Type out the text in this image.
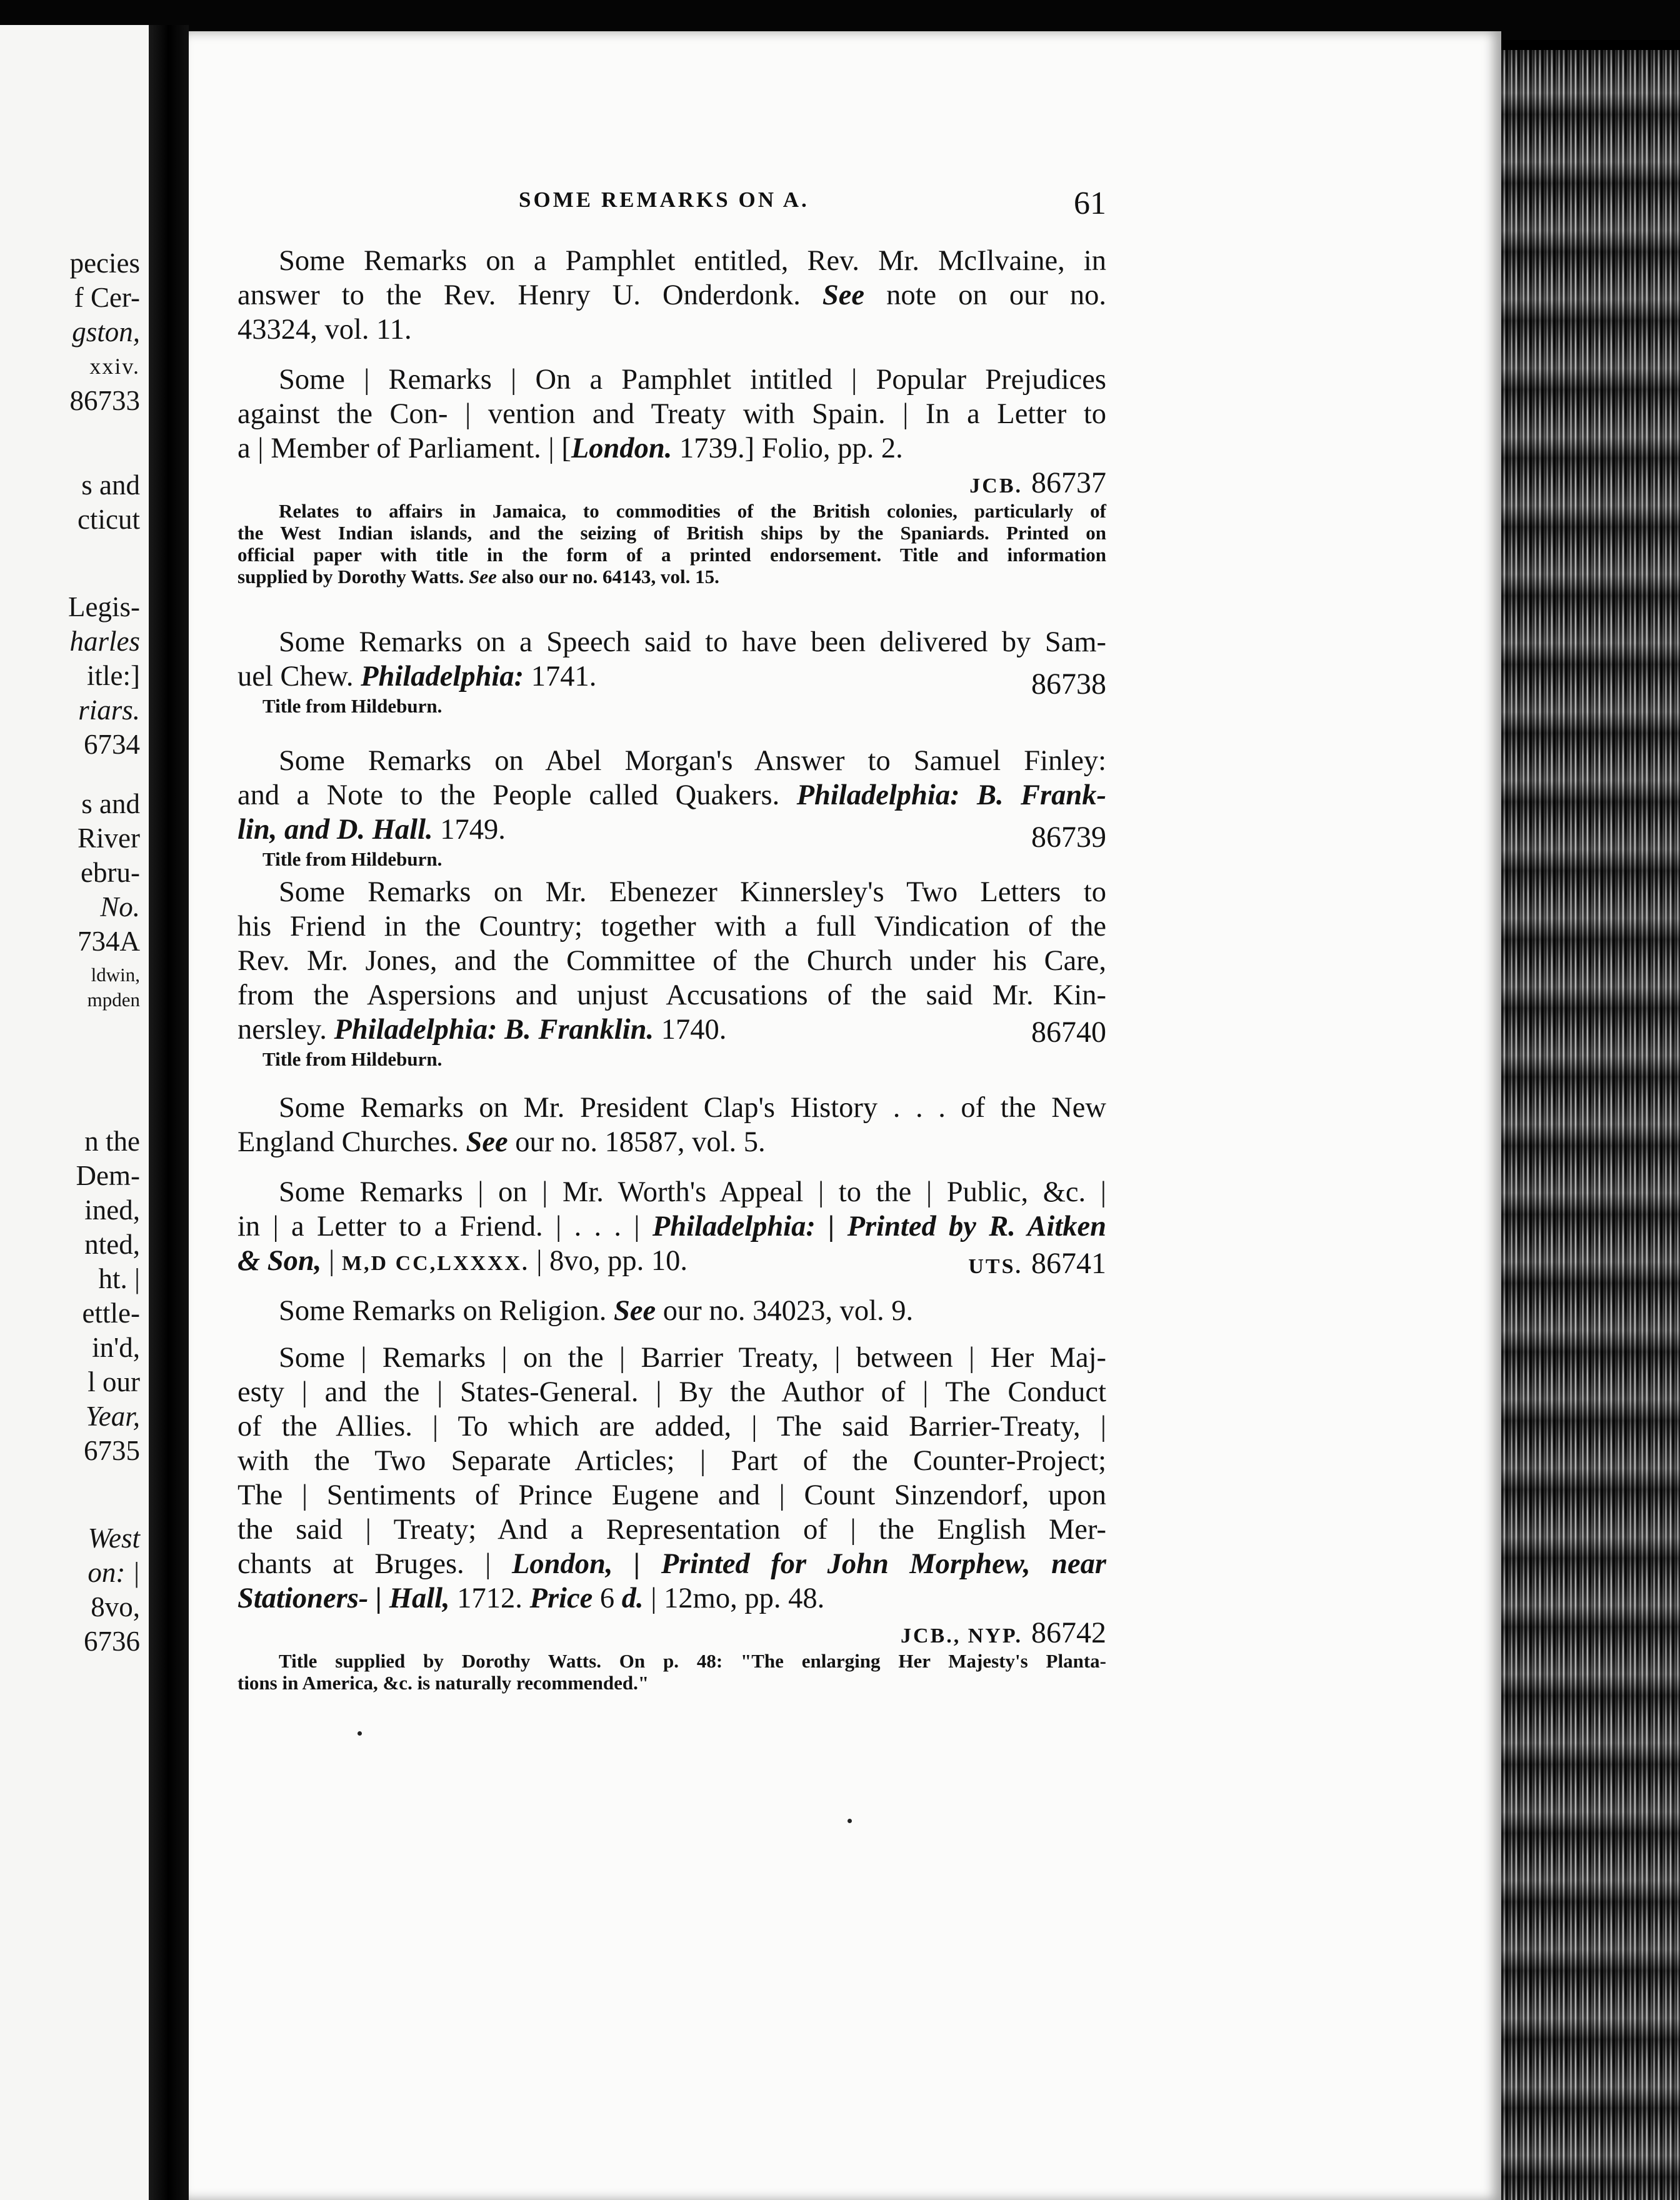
pecies
f Cer-
gston,
xxiv.
86733
s and
cticut
Legis-
harles
itle:]
riars.
6734
s and
River
ebru-
No.
734A
ldwin,
mpden
n the
Dem-
ined,
nted,
ht. |
ettle-
in'd,
l our
Year,
6735
West
on: |
8vo,
6736
SOME REMARKS ON A.	61
Some Remarks on a Pamphlet entitled, Rev. Mr. McIlvaine, in
answer to the Rev. Henry U. Onderdonk. See note on our no.
43324, vol. 11.
Some | Remarks | On a Pamphlet intitled | Popular Prejudices
against the Con- | vention and Treaty with Spain. | In a Letter to
a | Member of Parliament. | [London. 1739.] Folio, pp. 2.
JCB. 86737
Relates to affairs in Jamaica, to commodities of the British colonies, particularly of
the West Indian islands, and the seizing of British ships by the Spaniards. Printed on
official paper with title in the form of a printed endorsement. Title and information
supplied by Dorothy Watts. See also our no. 64143, vol. 15.
Some Remarks on a Speech said to have been delivered by Sam-
uel Chew. Philadelphia: 1741.	86738
Title from Hildeburn.
Some Remarks on Abel Morgan's Answer to Samuel Finley:
and a Note to the People called Quakers. Philadelphia: B. Frank-
lin, and D. Hall. 1749.	86739
Title from Hildeburn.
Some Remarks on Mr. Ebenezer Kinnersley's Two Letters to
his Friend in the Country; together with a full Vindication of the
Rev. Mr. Jones, and the Committee of the Church under his Care,
from the Aspersions and unjust Accusations of the said Mr. Kin-
nersley. Philadelphia: B. Franklin. 1740.	86740
Title from Hildeburn.
Some Remarks on Mr. President Clap's History . . . of the New
England Churches. See our no. 18587, vol. 5.
Some Remarks | on | Mr. Worth's Appeal | to the | Public, &c. |
in | a Letter to a Friend. | . . . | Philadelphia: | Printed by R. Aitken
& Son, | M,D CC,LXXXX. | 8vo, pp. 10.	UTS. 86741
Some Remarks on Religion. See our no. 34023, vol. 9.
Some | Remarks | on the | Barrier Treaty, | between | Her Maj-
esty | and the | States-General. | By the Author of | The Conduct
of the Allies. | To which are added, | The said Barrier-Treaty, |
with the Two Separate Articles; | Part of the Counter-Project;
The | Sentiments of Prince Eugene and | Count Sinzendorf, upon
the said | Treaty; And a Representation of | the English Mer-
chants at Bruges. | London, | Printed for John Morphew, near
Stationers- | Hall, 1712. Price 6 d. | 12mo, pp. 48.
JCB., NYP. 86742
Title supplied by Dorothy Watts. On p. 48: "The enlarging Her Majesty's Planta-
tions in America, &c. is naturally recommended."
